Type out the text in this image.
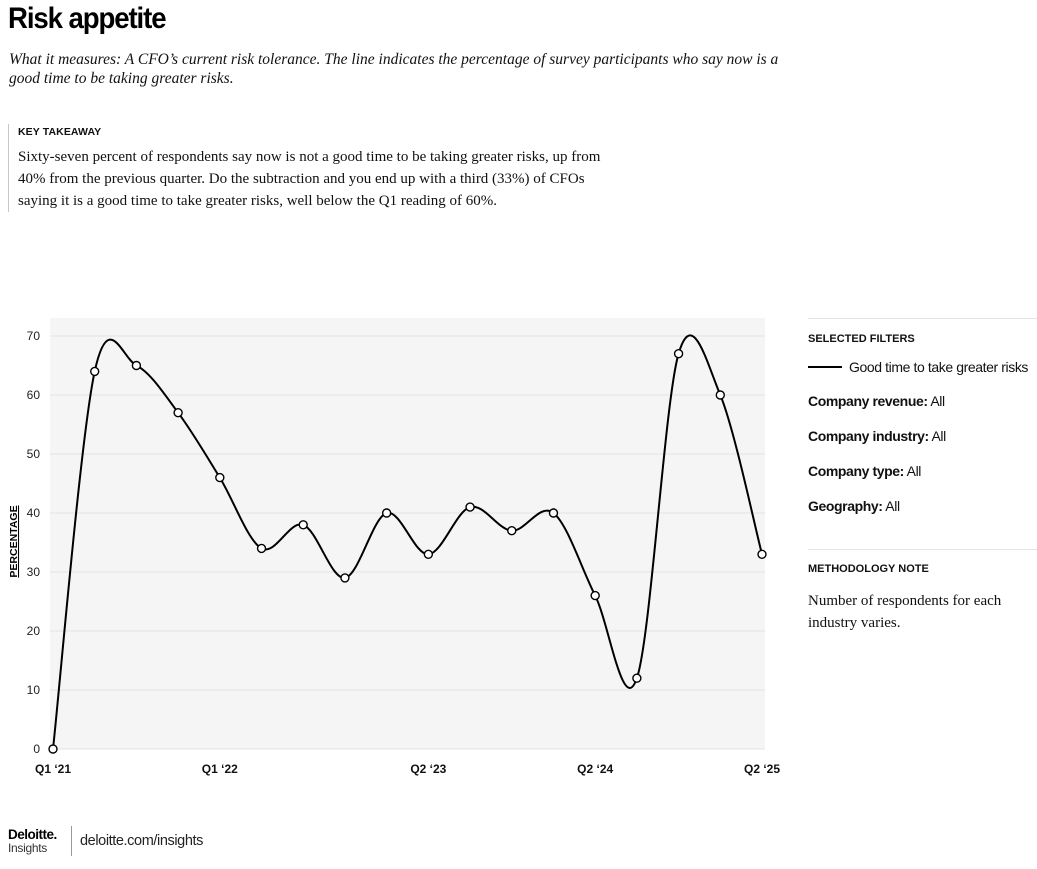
Risk appetite

What it measures: A CFO’s current risk tolerance. The line indicates the percentage of survey participants who say now is a good time to be taking greater risks.

KEY TAKEAWAY

Sixty-seven percent of respondents say now is not a good time to be taking greater risks, up from 40% from the previous quarter. Do the subtraction and you end up with a third (33%) of CFOs saying it is a good time to take greater risks, well below the Q1 reading of 60%.

0
10
20
30
40
50
60
70
Q1 ‘21	Q1 ‘22	Q2 ‘23	Q2 ‘24	Q2 ‘25
PERCENTAGE
SELECTED FILTERS
Good time to take greater risks
Company revenue: All
Company industry: All
Company type: All
Geography: All
METHODOLOGY NOTE

Number of respondents for each industry varies.

Deloitte.
Insights	deloitte.com/insights
